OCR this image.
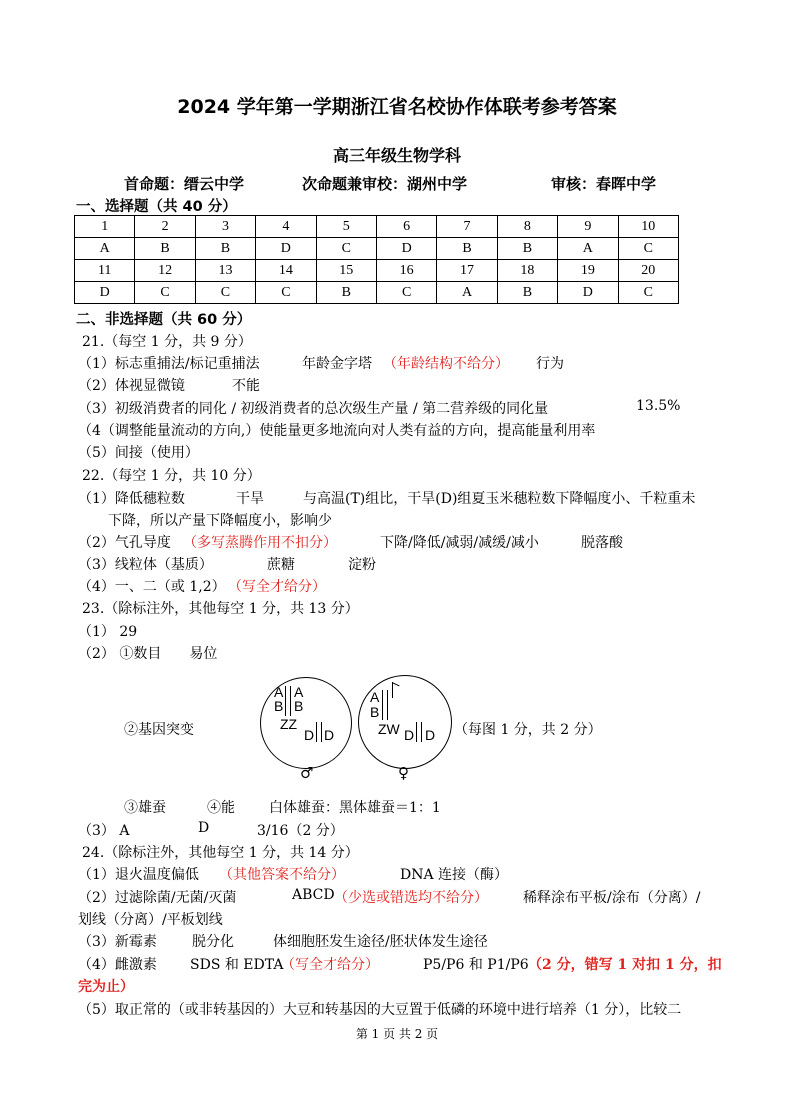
2024 学年第一学期浙江省名校协作体联考参考答案
高三年级生物学科
首命题：缙云中学	次命题兼审校：湖州中学	审核：春晖中学
一、选择题（共 40 分）
1	2	3	4	5	6	7	8	9	10
A	B	B	D	C	D	B	B	A	C
11	12	13	14	15	16	17	18	19	20
D	C	C	C	B	C	A	B	D	C
二、非选择题（共 60 分）
21.（每空 1 分，共 9 分）
（1）标志重捕法/标记重捕法	年龄金字塔 （年龄结构不给分） 行为
（2）体视显微镜	不能
（3）初级消费者的同化 / 初级消费者的总次级生产量 / 第二营养级的同化量	13.5%
（4（调整能量流动的方向,）使能量更多地流向对人类有益的方向，提高能量利用率
（5）间接（使用）
22.（每空 1 分，共 10 分）
（1）降低穗粒数	干旱	与高温(T)组比，干旱(D)组夏玉米穗粒数下降幅度小、千粒重未
下降，所以产量下降幅度小，影响少
（2）气孔导度 （多写蒸腾作用不扣分）	下降/降低/减弱/减缓/减小	脱落酸
（3）线粒体（基质）	蔗糖	淀粉
（4）一、二（或 1,2） （写全才给分）
23.（除标注外，其他每空 1 分，共 13 分）
（1） 29
（2） ①数目　　易位
②基因突变
A
B
A
B
ZZ
D D
♂
A
B
ZW D D
♀
（每图 1 分，共 2 分）
③雄蚕	④能 白体雄蚕：黑体雄蚕＝1：1
（3） A	D	3/16（2 分）
24.（除标注外，其他每空 1 分，共 14 分）
（1）退火温度偏低 （其他答案不给分）	DNA 连接（酶）
（2）过滤除菌/无菌/灭菌	ABCD （少选或错选均不给分）	稀释涂布平板/涂布（分离）/
划线（分离）/平板划线
（3）新霉素	脱分化	体细胞胚发生途径/胚状体发生途径
（4）雌激素 SDS 和 EDTA
（写全才给分）	P5/P6 和 P1/P6 （2 分，错写 1 对扣 1 分，扣
完为止）
（5）取正常的（或非转基因的）大豆和转基因的大豆置于低磷的环境中进行培养（1 分），比较二
第 1 页 共 2 页
